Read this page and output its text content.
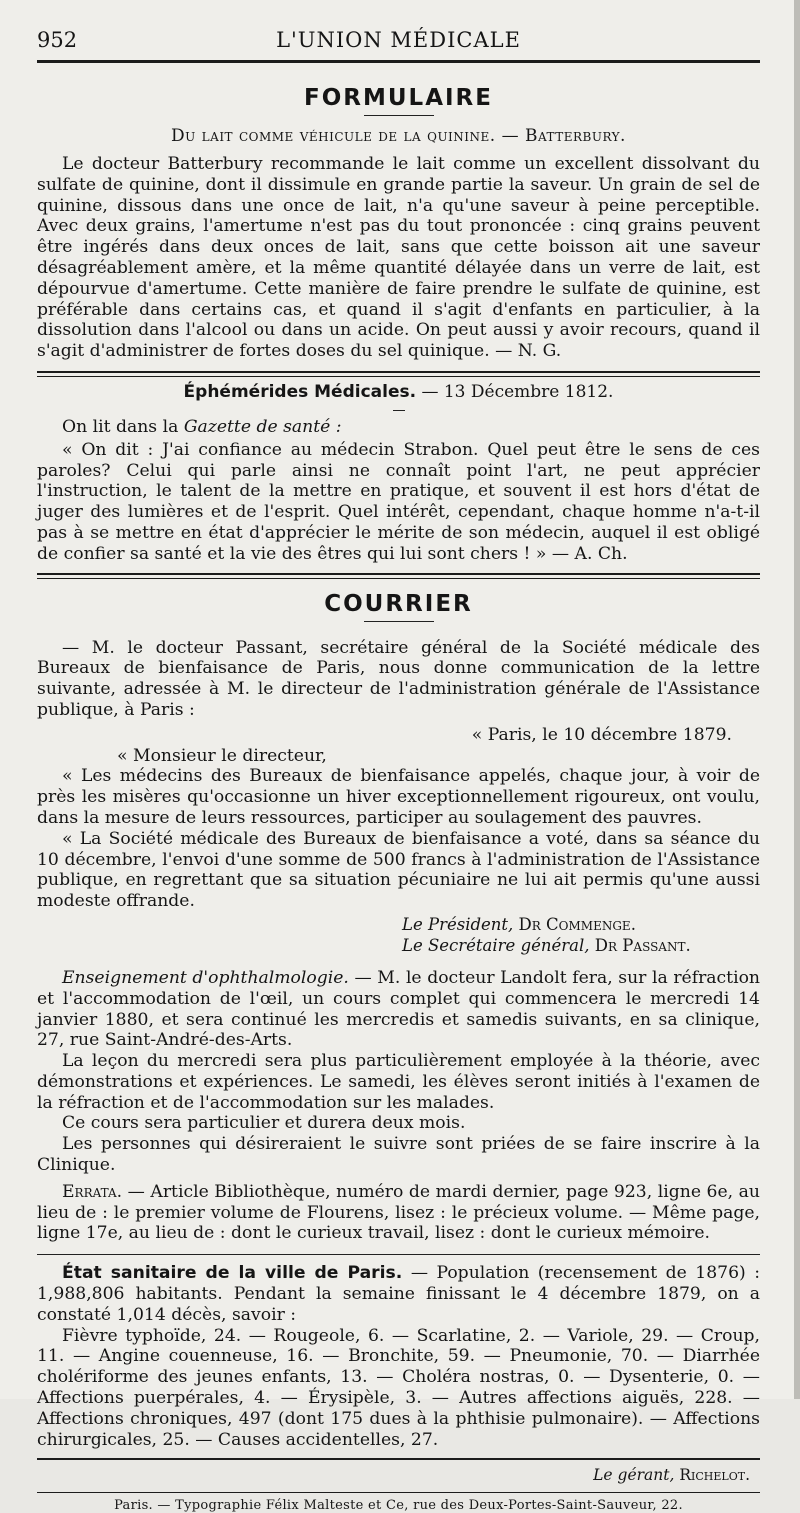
952	L'UNION MÉDICALE
FORMULAIRE
Du lait comme véhicule de la quinine. — Batterbury.

Le docteur Batterbury recommande le lait comme un excellent dissolvant du sulfate de quinine, dont il dissimule en grande partie la saveur. Un grain de sel de quinine, dissous dans une once de lait, n'a qu'une saveur à peine perceptible. Avec deux grains, l'amertume n'est pas du tout prononcée : cinq grains peuvent être ingérés dans deux onces de lait, sans que cette boisson ait une saveur désagréablement amère, et la même quantité délayée dans un verre de lait, est dépourvue d'amertume. Cette manière de faire prendre le sulfate de quinine, est préférable dans certains cas, et quand il s'agit d'enfants en particulier, à la dissolution dans l'alcool ou dans un acide. On peut aussi y avoir recours, quand il s'agit d'administrer de fortes doses du sel quinique. — N. G.

Éphémérides Médicales. — 13 Décembre 1812.

On lit dans la Gazette de santé :

« On dit : J'ai confiance au médecin Strabon. Quel peut être le sens de ces paroles? Celui qui parle ainsi ne connaît point l'art, ne peut apprécier l'instruction, le talent de la mettre en pratique, et souvent il est hors d'état de juger des lumières et de l'esprit. Quel intérêt, cependant, chaque homme n'a-t-il pas à se mettre en état d'apprécier le mérite de son médecin, auquel il est obligé de confier sa santé et la vie des êtres qui lui sont chers ! » — A. Ch.

COURRIER

— M. le docteur Passant, secrétaire général de la Société médicale des Bureaux de bienfaisance de Paris, nous donne communication de la lettre suivante, adressée à M. le directeur de l'administration générale de l'Assistance publique, à Paris :

« Paris, le 10 décembre 1879.

« Monsieur le directeur,

« Les médecins des Bureaux de bienfaisance appelés, chaque jour, à voir de près les misères qu'occasionne un hiver exceptionnellement rigoureux, ont voulu, dans la mesure de leurs ressources, participer au soulagement des pauvres.

« La Société médicale des Bureaux de bienfaisance a voté, dans sa séance du 10 décembre, l'envoi d'une somme de 500 francs à l'administration de l'Assistance publique, en regrettant que sa situation pécuniaire ne lui ait permis qu'une aussi modeste offrande.

Le Président, Dr Commenge.
Le Secrétaire général, Dr Passant.

Enseignement d'ophthalmologie. — M. le docteur Landolt fera, sur la réfraction et l'accommodation de l'œil, un cours complet qui commencera le mercredi 14 janvier 1880, et sera continué les mercredis et samedis suivants, en sa clinique, 27, rue Saint-André-des-Arts.

La leçon du mercredi sera plus particulièrement employée à la théorie, avec démonstrations et expériences. Le samedi, les élèves seront initiés à l'examen de la réfraction et de l'accommodation sur les malades.

Ce cours sera particulier et durera deux mois.

Les personnes qui désireraient le suivre sont priées de se faire inscrire à la Clinique.

Errata. — Article Bibliothèque, numéro de mardi dernier, page 923, ligne 6e, au lieu de : le premier volume de Flourens, lisez : le précieux volume. — Même page, ligne 17e, au lieu de : dont le curieux travail, lisez : dont le curieux mémoire.

État sanitaire de la ville de Paris. — Population (recensement de 1876) : 1,988,806 habitants. Pendant la semaine finissant le 4 décembre 1879, on a constaté 1,014 décès, savoir :

Fièvre typhoïde, 24. — Rougeole, 6. — Scarlatine, 2. — Variole, 29. — Croup, 11. — Angine couenneuse, 16. — Bronchite, 59. — Pneumonie, 70. — Diarrhée cholériforme des jeunes enfants, 13. — Choléra nostras, 0. — Dysenterie, 0. — Affections puerpérales, 4. — Érysipèle, 3. — Autres affections aiguës, 228. — Affections chroniques, 497 (dont 175 dues à la phthisie pulmonaire). — Affections chirurgicales, 25. — Causes accidentelles, 27.

Le gérant, Richelot.
Paris. — Typographie Félix Malteste et Ce, rue des Deux-Portes-Saint-Sauveur, 22.
